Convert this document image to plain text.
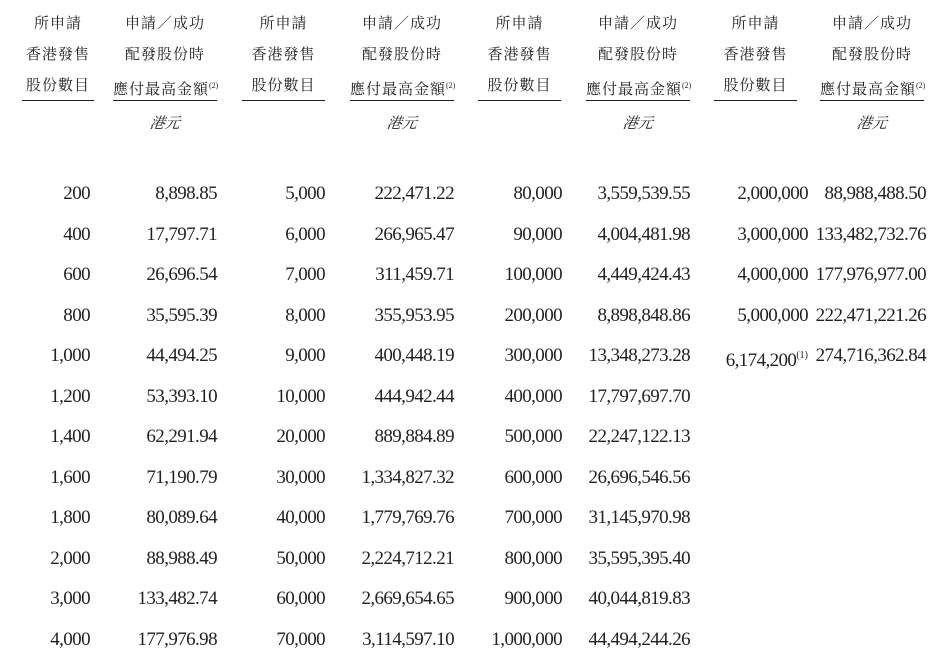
所申請
香港發售
股份數目
申請／成功
配發股份時
應付最高金額$^{(2)}$
港元
所申請
香港發售
股份數目
申請／成功
配發股份時
應付最高金額$^{(2)}$
港元
所申請
香港發售
股份數目
申請／成功
配發股份時
應付最高金額$^{(2)}$
港元
所申請
香港發售
股份數目
申請／成功
配發股份時
應付最高金額$^{(2)}$
港元
200
400
600
800
1,000
1,200
1,400
1,600
1,800
2,000
3,000
4,000
8,898.85
17,797.71
26,696.54
35,595.39
44,494.25
53,393.10
62,291.94
71,190.79
80,089.64
88,988.49
133,482.74
177,976.98
5,000
6,000
7,000
8,000
9,000
10,000
20,000
30,000
40,000
50,000
60,000
70,000
222,471.22
266,965.47
311,459.71
355,953.95
400,448.19
444,942.44
889,884.89
1,334,827.32
1,779,769.76
2,224,712.21
2,669,654.65
3,114,597.10
80,000
90,000
100,000
200,000
300,000
400,000
500,000
600,000
700,000
800,000
900,000
1,000,000
3,559,539.55
4,004,481.98
4,449,424.43
8,898,848.86
13,348,273.28
17,797,697.70
22,247,122.13
26,696,546.56
31,145,970.98
35,595,395.40
40,044,819.83
44,494,244.26
2,000,000
3,000,000
4,000,000
5,000,000
6,174,200$^{(1)}$
88,988,488.50
133,482,732.76
177,976,977.00
222,471,221.26
274,716,362.84
